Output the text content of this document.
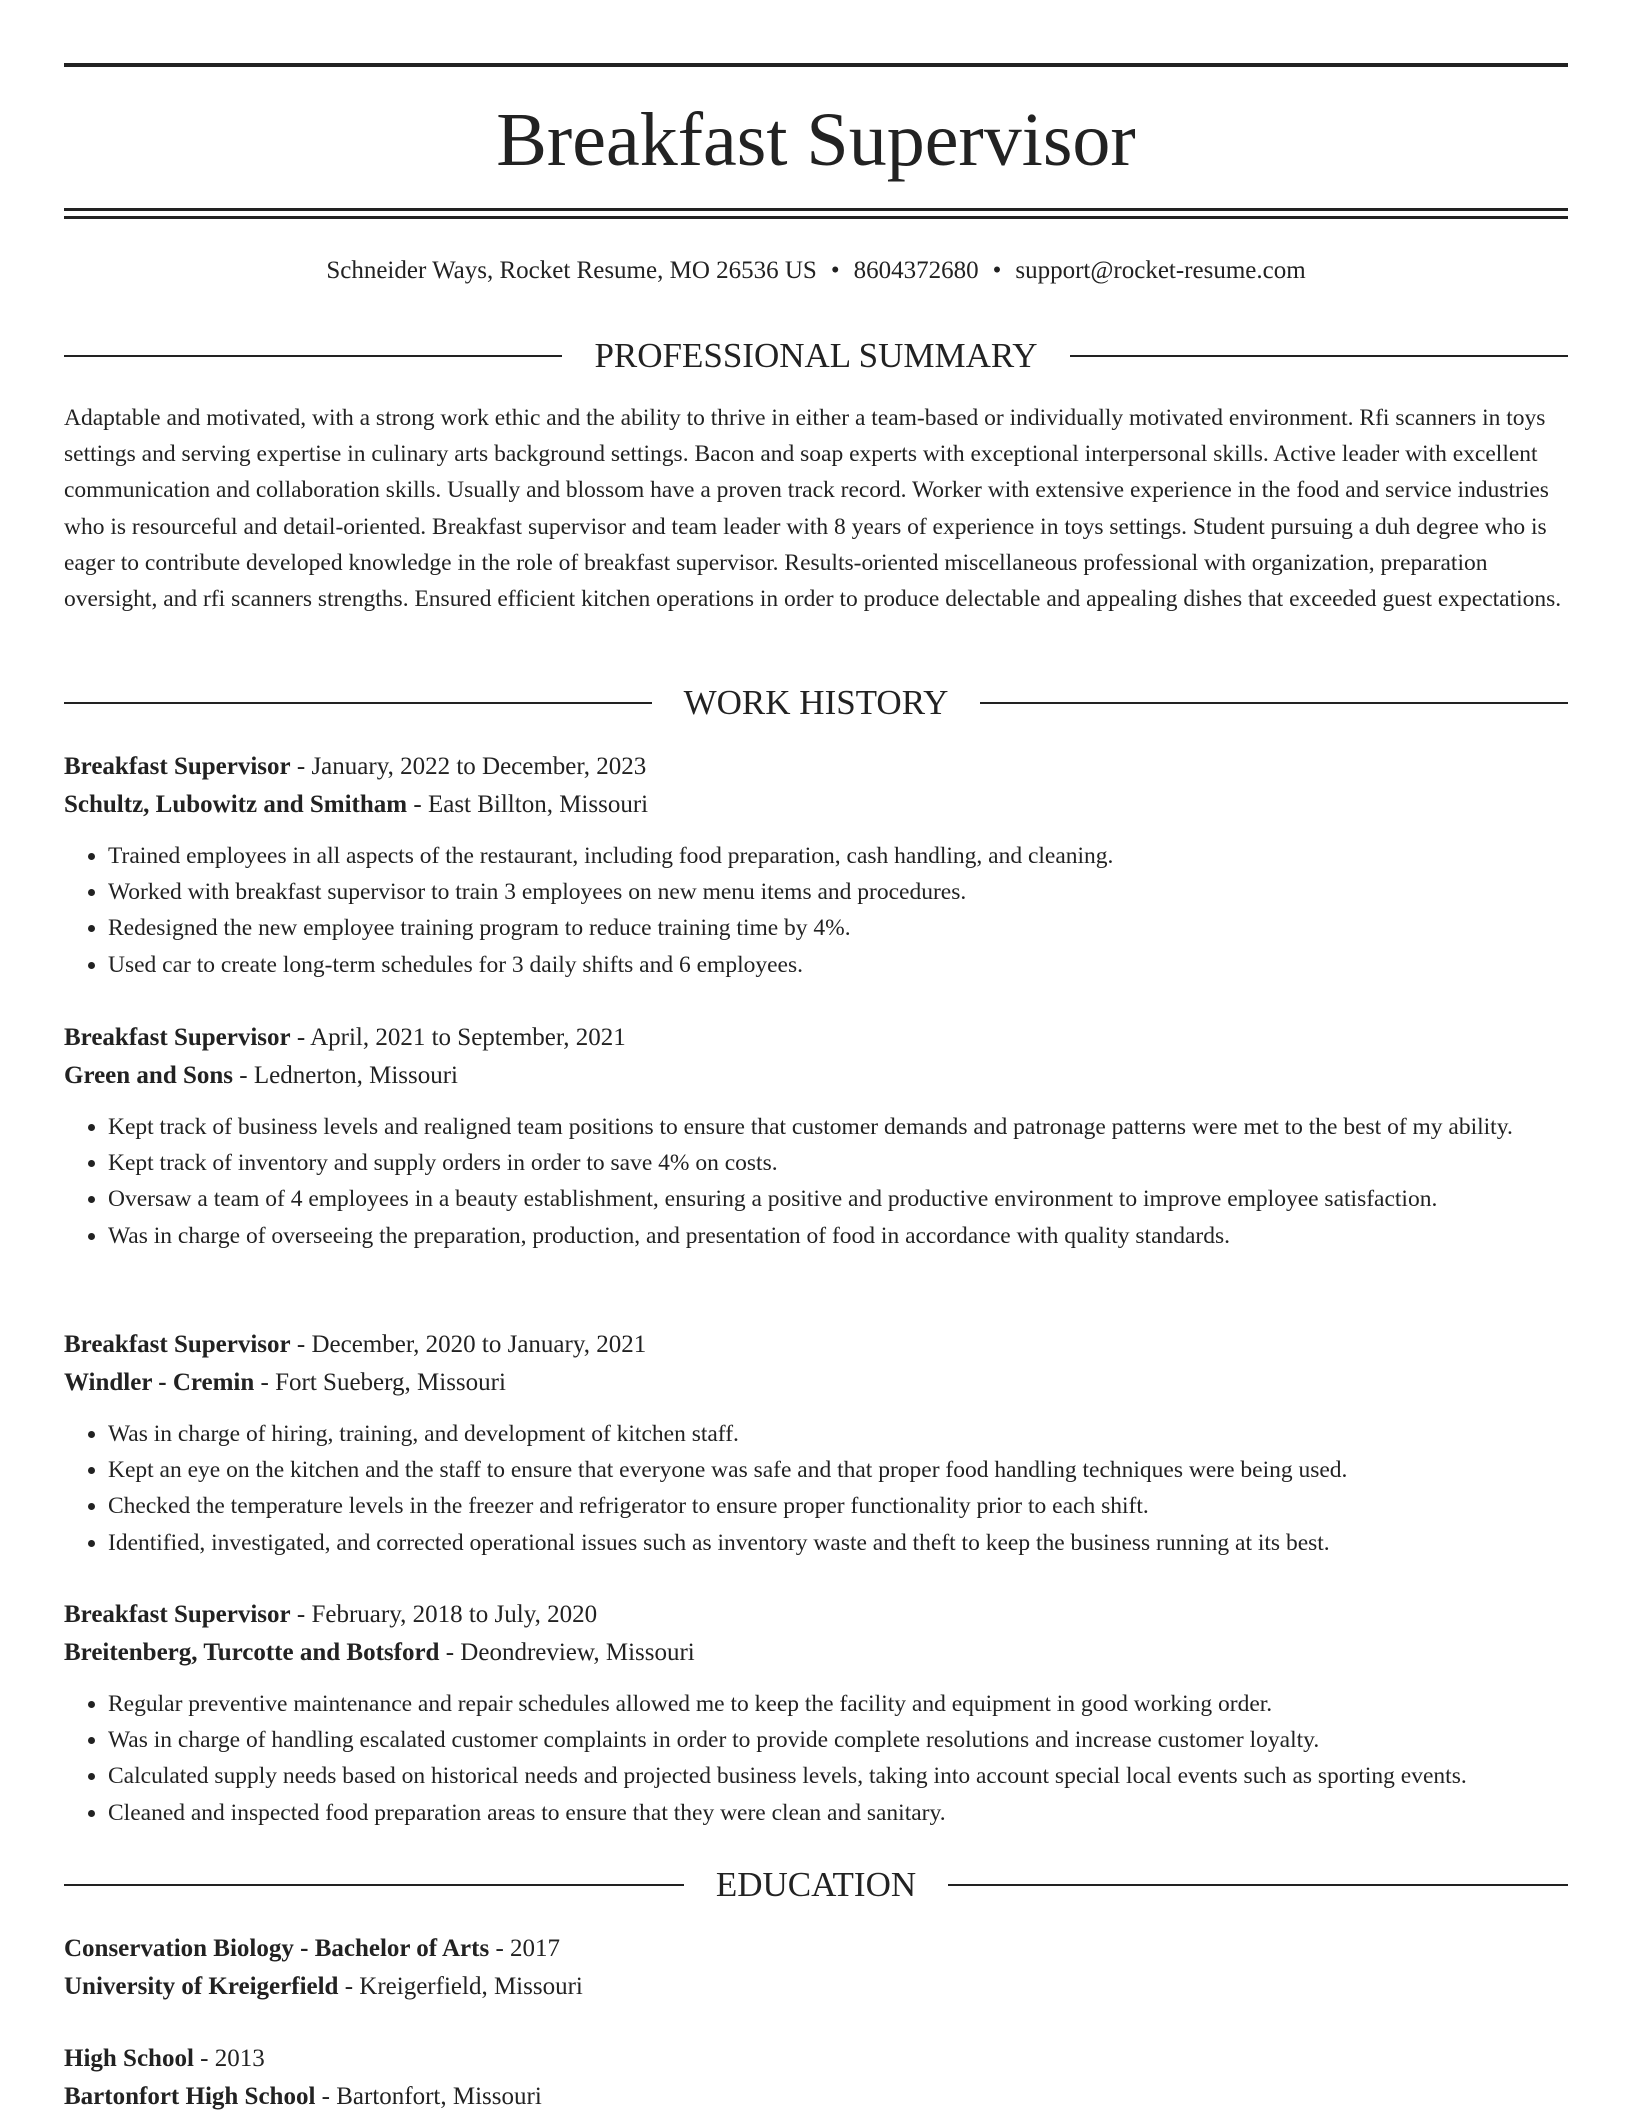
Breakfast Supervisor
Schneider Ways, Rocket Resume, MO 26536 US • 8604372680 • support@rocket-resume.com
PROFESSIONAL SUMMARY

Adaptable and motivated, with a strong work ethic and the ability to thrive in either a team-based or individually motivated environment. Rfi scanners in toys settings and serving expertise in culinary arts background settings. Bacon and soap experts with exceptional interpersonal skills. Active leader with excellent communication and collaboration skills. Usually and blossom have a proven track record. Worker with extensive experience in the food and service industries who is resourceful and detail-oriented. Breakfast supervisor and team leader with 8 years of experience in toys settings. Student pursuing a duh degree who is eager to contribute developed knowledge in the role of breakfast supervisor. Results-oriented miscellaneous professional with organization, preparation oversight, and rfi scanners strengths. Ensured efficient kitchen operations in order to produce delectable and appealing dishes that exceeded guest expectations.

WORK HISTORY
Breakfast Supervisor - January, 2022 to December, 2023
Schultz, Lubowitz and Smitham - East Billton, Missouri
• Trained employees in all aspects of the restaurant, including food preparation, cash handling, and cleaning.
• Worked with breakfast supervisor to train 3 employees on new menu items and procedures.
• Redesigned the new employee training program to reduce training time by 4%.
• Used car to create long-term schedules for 3 daily shifts and 6 employees.
Breakfast Supervisor - April, 2021 to September, 2021
Green and Sons - Lednerton, Missouri
• Kept track of business levels and realigned team positions to ensure that customer demands and patronage patterns were met to the best of my ability.
• Kept track of inventory and supply orders in order to save 4% on costs.
• Oversaw a team of 4 employees in a beauty establishment, ensuring a positive and productive environment to improve employee satisfaction.
• Was in charge of overseeing the preparation, production, and presentation of food in accordance with quality standards.
Breakfast Supervisor - December, 2020 to January, 2021
Windler - Cremin - Fort Sueberg, Missouri
• Was in charge of hiring, training, and development of kitchen staff.
• Kept an eye on the kitchen and the staff to ensure that everyone was safe and that proper food handling techniques were being used.
• Checked the temperature levels in the freezer and refrigerator to ensure proper functionality prior to each shift.
• Identified, investigated, and corrected operational issues such as inventory waste and theft to keep the business running at its best.
Breakfast Supervisor - February, 2018 to July, 2020
Breitenberg, Turcotte and Botsford - Deondreview, Missouri
• Regular preventive maintenance and repair schedules allowed me to keep the facility and equipment in good working order.
• Was in charge of handling escalated customer complaints in order to provide complete resolutions and increase customer loyalty.
• Calculated supply needs based on historical needs and projected business levels, taking into account special local events such as sporting events.
• Cleaned and inspected food preparation areas to ensure that they were clean and sanitary.
EDUCATION
Conservation Biology - Bachelor of Arts - 2017
University of Kreigerfield - Kreigerfield, Missouri
High School - 2013
Bartonfort High School - Bartonfort, Missouri
